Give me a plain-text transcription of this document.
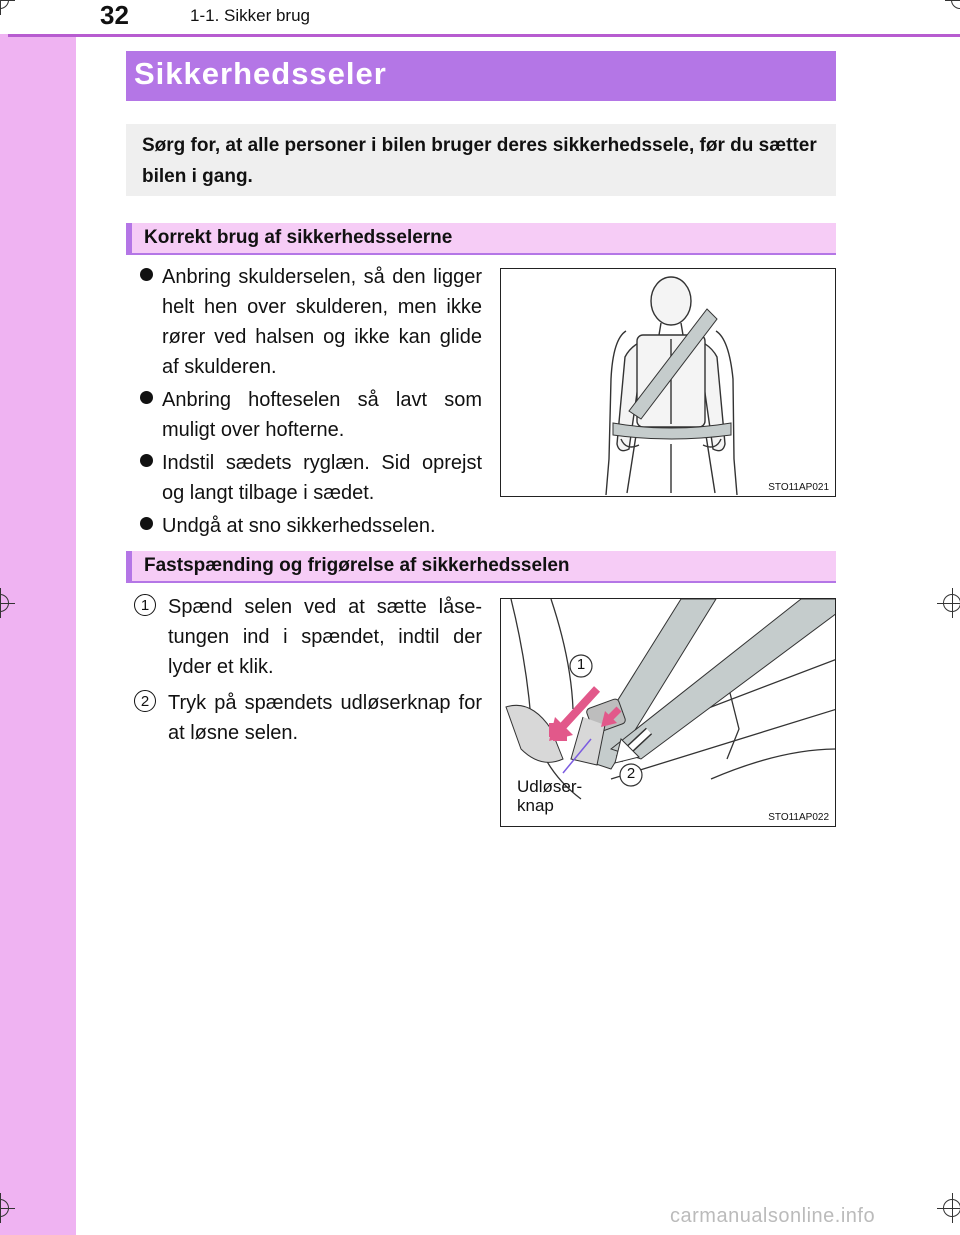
32	1-1. Sikker brug
Sikkerhedsseler
Sørg for, at alle personer i bilen bruger deres sikkerhedssele, før du sætter bilen i gang.
Korrekt brug af sikkerhedsselerne
Anbring skulderselen, så den ligger helt hen over skulderen, men ikke rører ved halsen og ikke kan glide af skulderen.
Anbring hofteselen så lavt som muligt over hofterne.
Indstil sædets ryglæn. Sid oprejst og langt tilbage i sædet.
Undgå at sno sikkerhedsselen.
STO11AP021
Fastspænding og frigørelse af sikkerhedsselen
1 Spænd selen ved at sætte låse-tungen ind i spændet, indtil der lyder et klik.
2 Tryk på spændets udløserknap for at løsne selen.
1
2
Udløser-
knap
STO11AP022
carmanualsonline.info
